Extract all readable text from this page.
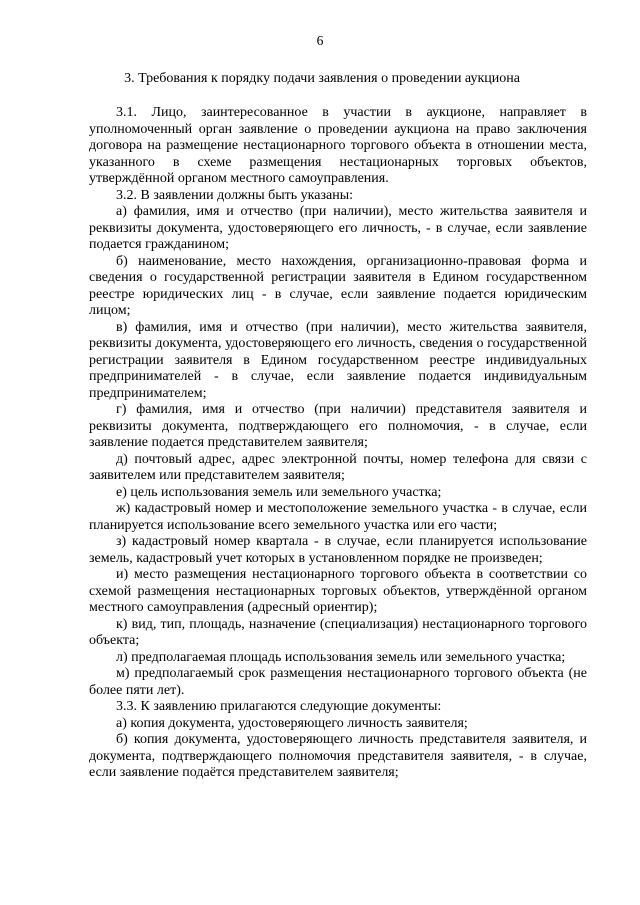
6
3. Требования к порядку подачи заявления о проведении аукциона

3.1. Лицо, заинтересованное в участии в аукционе, направляет в уполномоченный орган заявление о проведении аукциона на право заключения договора на размещение нестационарного торгового объекта в отношении места, указанного в схеме размещения нестационарных торговых объектов, утверждённой органом местного самоуправления.

3.2. В заявлении должны быть указаны:

а) фамилия, имя и отчество (при наличии), место жительства заявителя и реквизиты документа, удостоверяющего его личность, - в случае, если заявление подается гражданином;

б) наименование, место нахождения, организационно-правовая форма и сведения о государственной регистрации заявителя в Едином государственном реестре юридических лиц - в случае, если заявление подается юридическим лицом;

в) фамилия, имя и отчество (при наличии), место жительства заявителя, реквизиты документа, удостоверяющего его личность, сведения о государственной регистрации заявителя в Едином государственном реестре индивидуальных предпринимателей - в случае, если заявление подается индивидуальным предпринимателем;

г) фамилия, имя и отчество (при наличии) представителя заявителя и реквизиты документа, подтверждающего его полномочия, - в случае, если заявление подается представителем заявителя;

д) почтовый адрес, адрес электронной почты, номер телефона для связи с заявителем или представителем заявителя;

е) цель использования земель или земельного участка;

ж) кадастровый номер и местоположение земельного участка - в случае, если планируется использование всего земельного участка или его части;

з) кадастровый номер квартала - в случае, если планируется использование земель, кадастровый учет которых в установленном порядке не произведен;

и) место размещения нестационарного торгового объекта в соответствии со схемой размещения нестационарных торговых объектов, утверждённой органом местного самоуправления (адресный ориентир);

к) вид, тип, площадь, назначение (специализация) нестационарного торгового объекта;

л) предполагаемая площадь использования земель или земельного участка;

м) предполагаемый срок размещения нестационарного торгового объекта (не более пяти лет).

3.3. К заявлению прилагаются следующие документы:

а) копия документа, удостоверяющего личность заявителя;

б) копия документа, удостоверяющего личность представителя заявителя, и документа, подтверждающего полномочия представителя заявителя, - в случае, если заявление подаётся представителем заявителя;
